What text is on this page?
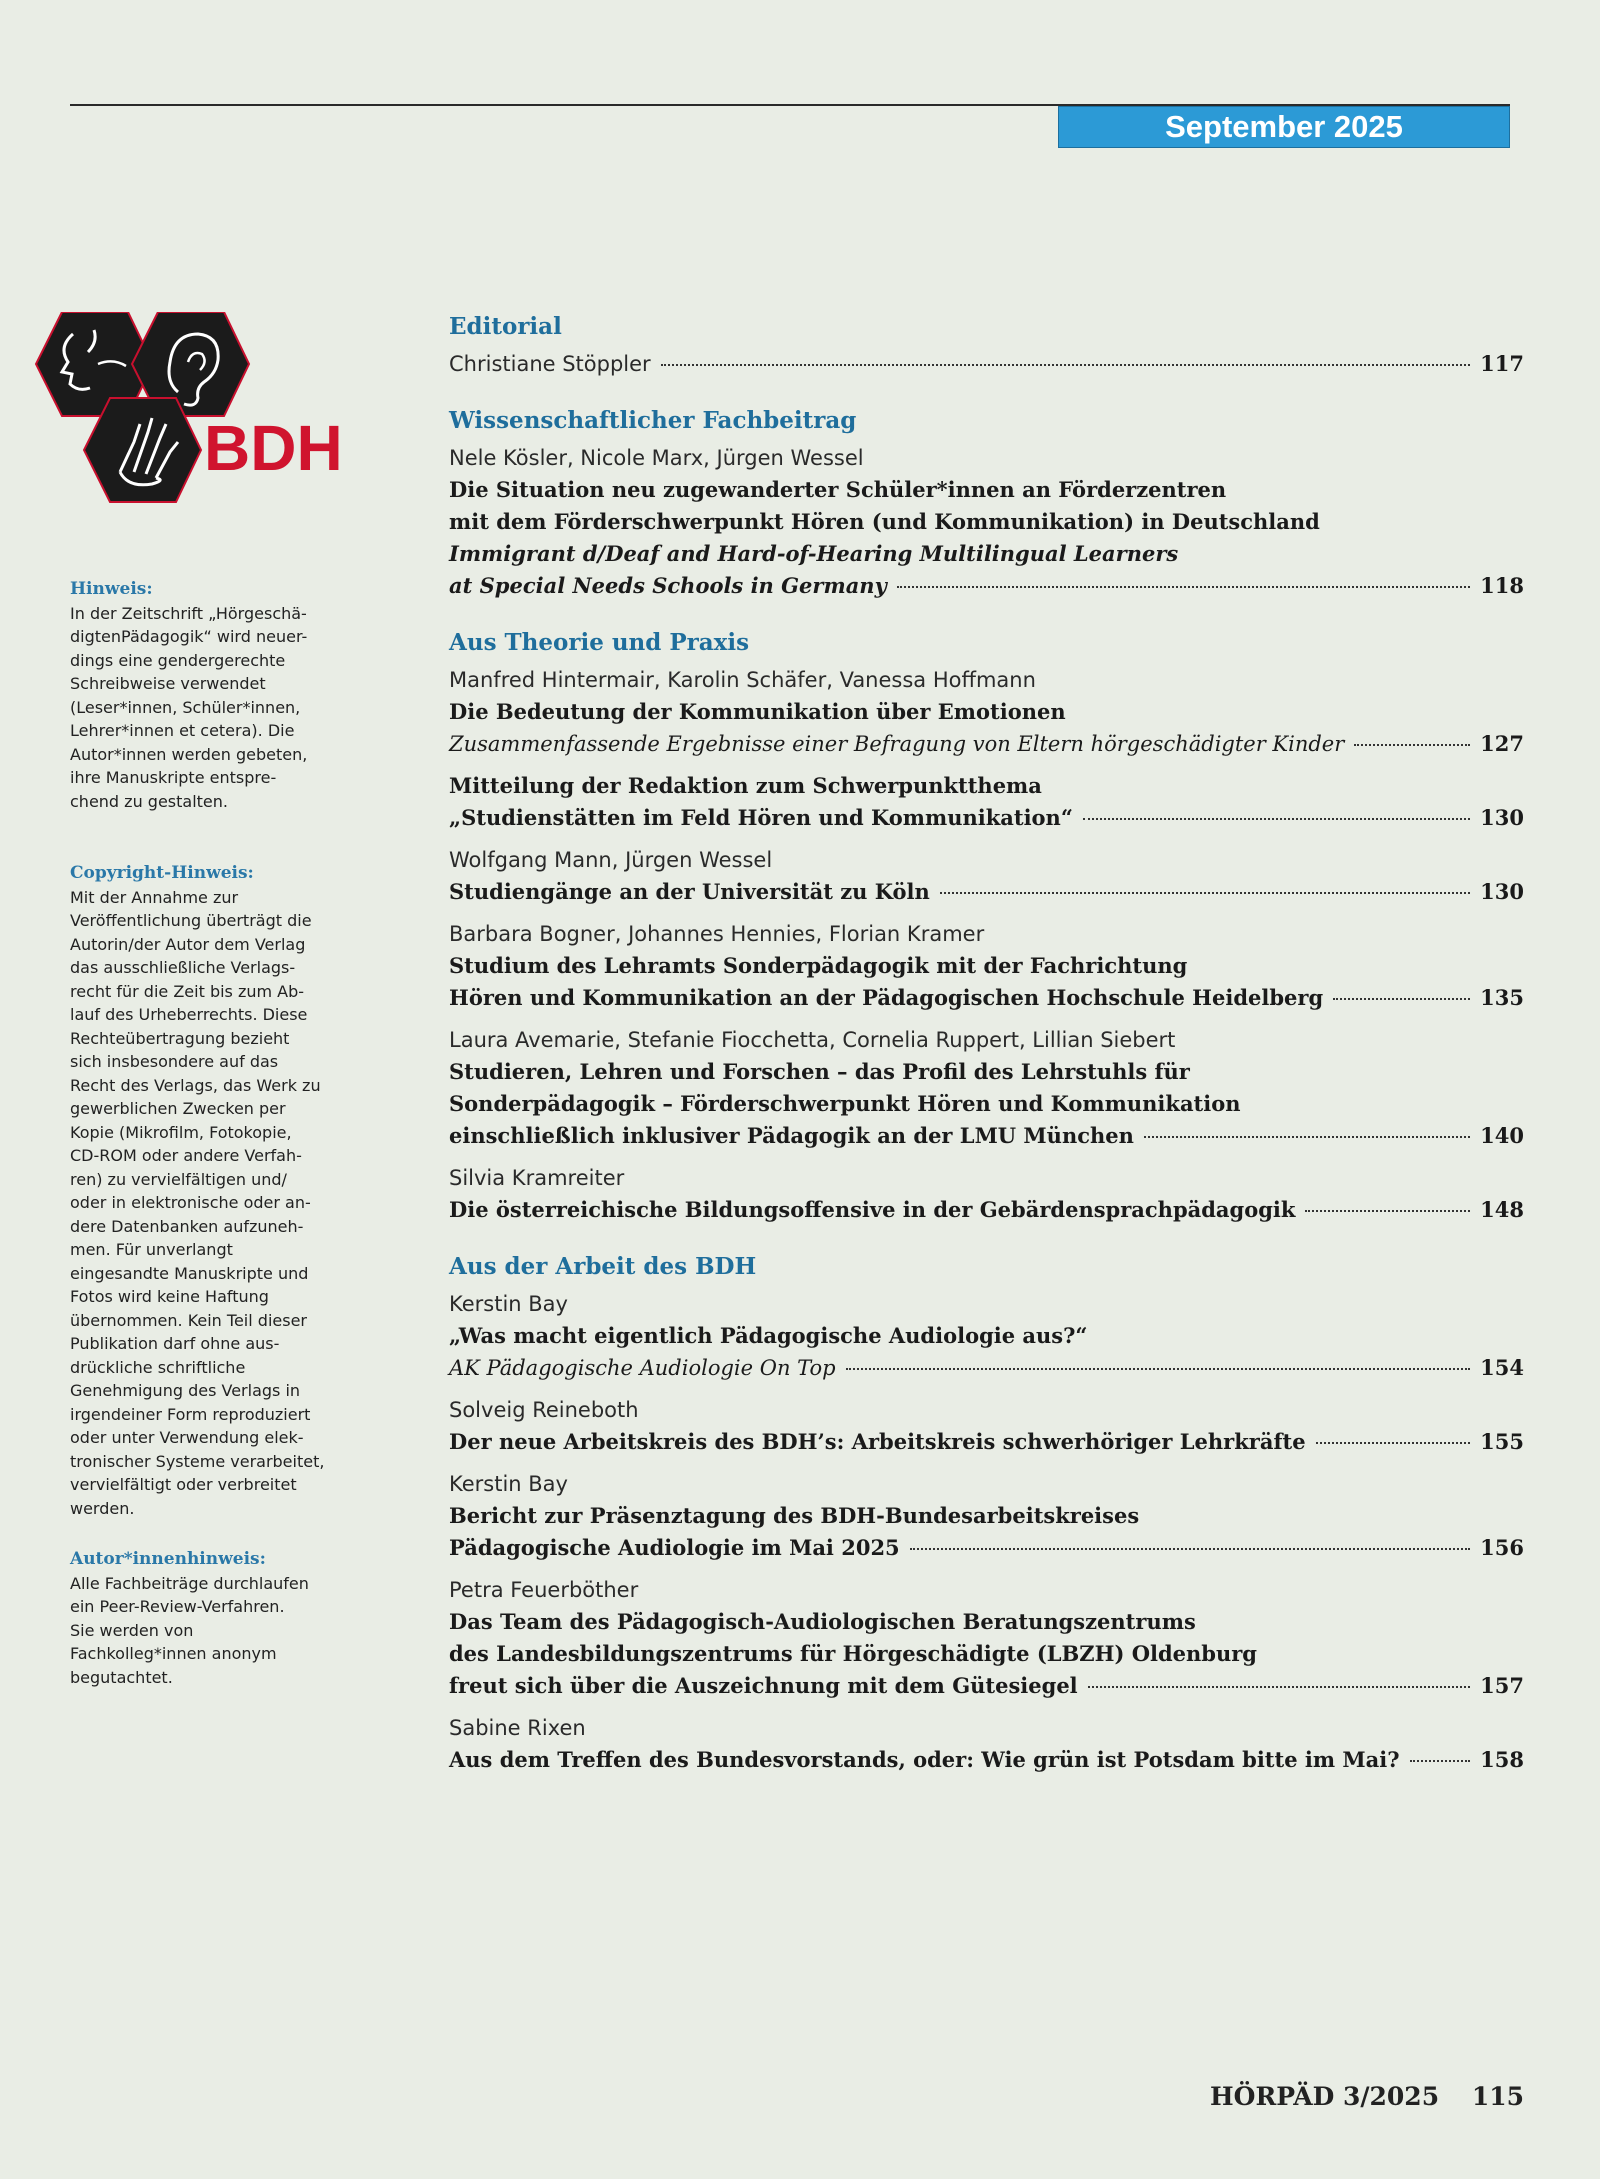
September 2025
BDH
Hinweis:
In der Zeitschrift „Hörgeschä-
digtenPädagogik“ wird neuer-
dings eine gendergerechte
Schreibweise verwendet
(Leser*innen, Schüler*innen,
Lehrer*innen et cetera). Die
Autor*innen werden gebeten,
ihre Manuskripte entspre-
chend zu gestalten.
Copyright-Hinweis:
Mit der Annahme zur
Veröffentlichung überträgt die
Autorin/der Autor dem Verlag
das ausschließliche Verlags-
recht für die Zeit bis zum Ab-
lauf des Urheberrechts. Diese
Rechteübertragung bezieht
sich insbesondere auf das
Recht des Verlags, das Werk zu
gewerblichen Zwecken per
Kopie (Mikrofilm, Fotokopie,
CD-ROM oder andere Verfah-
ren) zu vervielfältigen und/
oder in elektronische oder an-
dere Datenbanken aufzuneh-
men. Für unverlangt
eingesandte Manuskripte und
Fotos wird keine Haftung
übernommen. Kein Teil dieser
Publikation darf ohne aus-
drückliche schriftliche
Genehmigung des Verlags in
irgendeiner Form reproduziert
oder unter Verwendung elek-
tronischer Systeme verarbeitet,
vervielfältigt oder verbreitet
werden.
Autor*innenhinweis:
Alle Fachbeiträge durchlaufen
ein Peer-Review-Verfahren.
Sie werden von
Fachkolleg*innen anonym
begutachtet.
Editorial
Christiane Stöppler	117
Wissenschaftlicher Fachbeitrag
Nele Kösler, Nicole Marx, Jürgen Wessel
Die Situation neu zugewanderter Schüler*innen an Förderzentren
mit dem Förderschwerpunkt Hören (und Kommunikation) in Deutschland
Immigrant d/Deaf and Hard-of-Hearing Multilingual Learners
at Special Needs Schools in Germany	118
Aus Theorie und Praxis
Manfred Hintermair, Karolin Schäfer, Vanessa Hoffmann
Die Bedeutung der Kommunikation über Emotionen
Zusammenfassende Ergebnisse einer Befragung von Eltern hörgeschädigter Kinder	127
Mitteilung der Redaktion zum Schwerpunktthema
„Studienstätten im Feld Hören und Kommunikation“	130
Wolfgang Mann, Jürgen Wessel
Studiengänge an der Universität zu Köln	130
Barbara Bogner, Johannes Hennies, Florian Kramer
Studium des Lehramts Sonderpädagogik mit der Fachrichtung
Hören und Kommunikation an der Pädagogischen Hochschule Heidelberg	135
Laura Avemarie, Stefanie Fiocchetta, Cornelia Ruppert, Lillian Siebert
Studieren, Lehren und Forschen – das Profil des Lehrstuhls für
Sonderpädagogik – Förderschwerpunkt Hören und Kommunikation
einschließlich inklusiver Pädagogik an der LMU München	140
Silvia Kramreiter
Die österreichische Bildungsoffensive in der Gebärdensprachpädagogik	148
Aus der Arbeit des BDH
Kerstin Bay
„Was macht eigentlich Pädagogische Audiologie aus?“
AK Pädagogische Audiologie On Top	154
Solveig Reineboth
Der neue Arbeitskreis des BDH’s: Arbeitskreis schwerhöriger Lehrkräfte	155
Kerstin Bay
Bericht zur Präsenztagung des BDH-Bundesarbeitskreises
Pädagogische Audiologie im Mai 2025	156
Petra Feuerböther
Das Team des Pädagogisch-Audiologischen Beratungszentrums
des Landesbildungszentrums für Hörgeschädigte (LBZH) Oldenburg
freut sich über die Auszeichnung mit dem Gütesiegel	157
Sabine Rixen
Aus dem Treffen des Bundesvorstands, oder: Wie grün ist Potsdam bitte im Mai?	158
HÖRPÄD 3/2025 115
